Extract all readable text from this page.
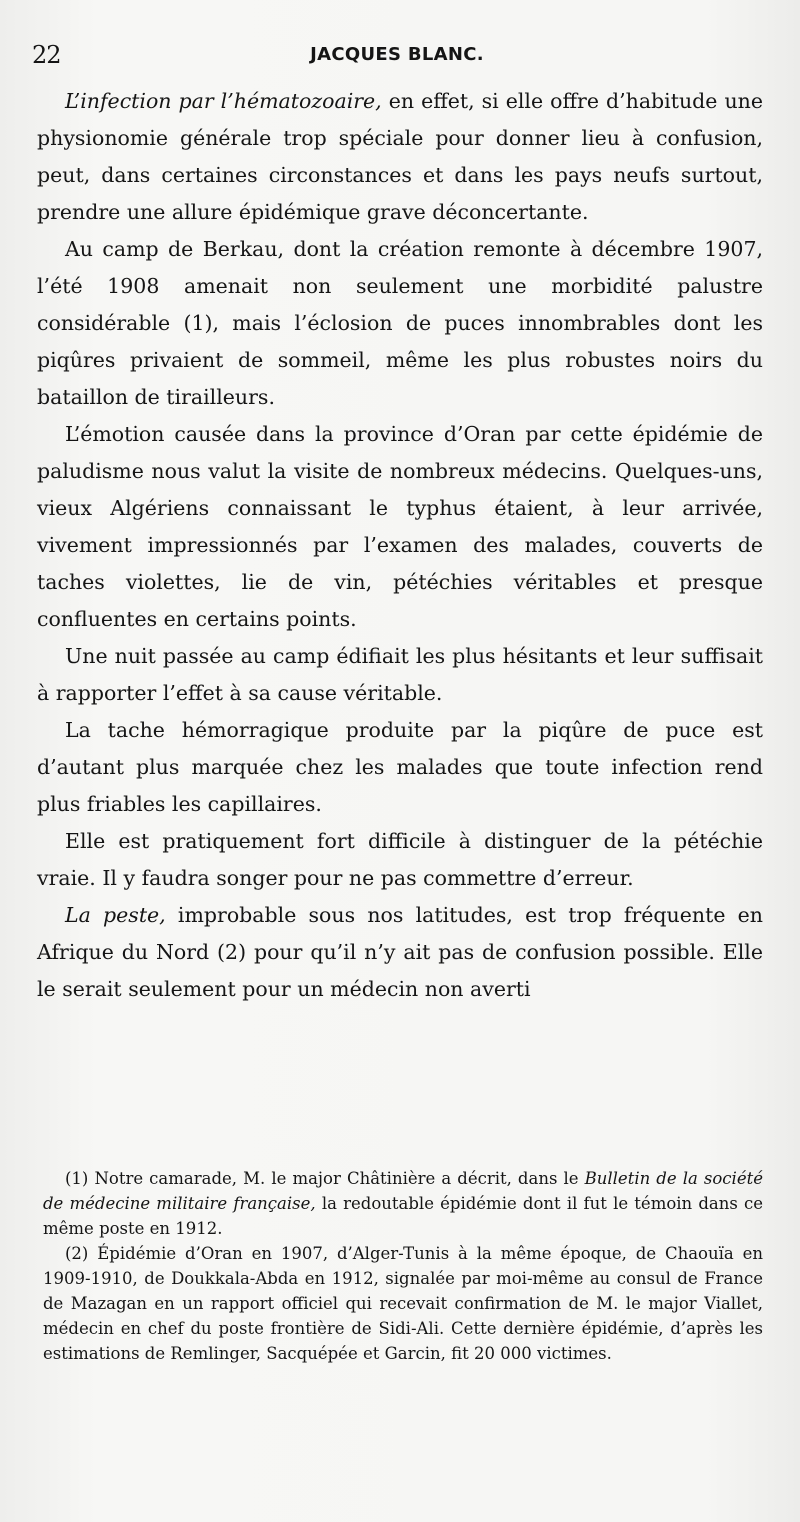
22	JACQUES BLANC.

L’infection par l’hématozoaire, en effet, si elle offre d’habitude une physionomie générale trop spéciale pour donner lieu à confusion, peut, dans certaines circonstances et dans les pays neufs surtout, prendre une allure épidémique grave déconcertante.

Au camp de Berkau, dont la création remonte à décembre 1907, l’été 1908 amenait non seulement une morbidité palustre considérable (1), mais l’éclosion de puces innombrables dont les piqûres privaient de sommeil, même les plus robustes noirs du bataillon de tirailleurs.

L’émotion causée dans la province d’Oran par cette épidémie de paludisme nous valut la visite de nombreux médecins. Quelques-uns, vieux Algériens connaissant le typhus étaient, à leur arrivée, vivement impressionnés par l’examen des malades, couverts de taches violettes, lie de vin, pétéchies véritables et presque confluentes en certains points.

Une nuit passée au camp édifiait les plus hésitants et leur suffisait à rapporter l’effet à sa cause véritable.

La tache hémorragique produite par la piqûre de puce est d’autant plus marquée chez les malades que toute infection rend plus friables les capillaires.

Elle est pratiquement fort difficile à distinguer de la pétéchie vraie. Il y faudra songer pour ne pas commettre d’erreur.

La peste, improbable sous nos latitudes, est trop fréquente en Afrique du Nord (2) pour qu’il n’y ait pas de confusion possible. Elle le serait seulement pour un médecin non averti

(1) Notre camarade, M. le major Châtinière a décrit, dans le Bulletin de la société de médecine militaire française, la redoutable épidémie dont il fut le témoin dans ce même poste en 1912.

(2) Épidémie d’Oran en 1907, d’Alger-Tunis à la même époque, de Chaouïa en 1909-1910, de Doukkala-Abda en 1912, signalée par moi-même au consul de France de Mazagan en un rapport officiel qui recevait confirmation de M. le major Viallet, médecin en chef du poste frontière de Sidi-Ali. Cette dernière épidémie, d’après les estimations de Remlinger, Sacquépée et Garcin, fit 20 000 victimes.
